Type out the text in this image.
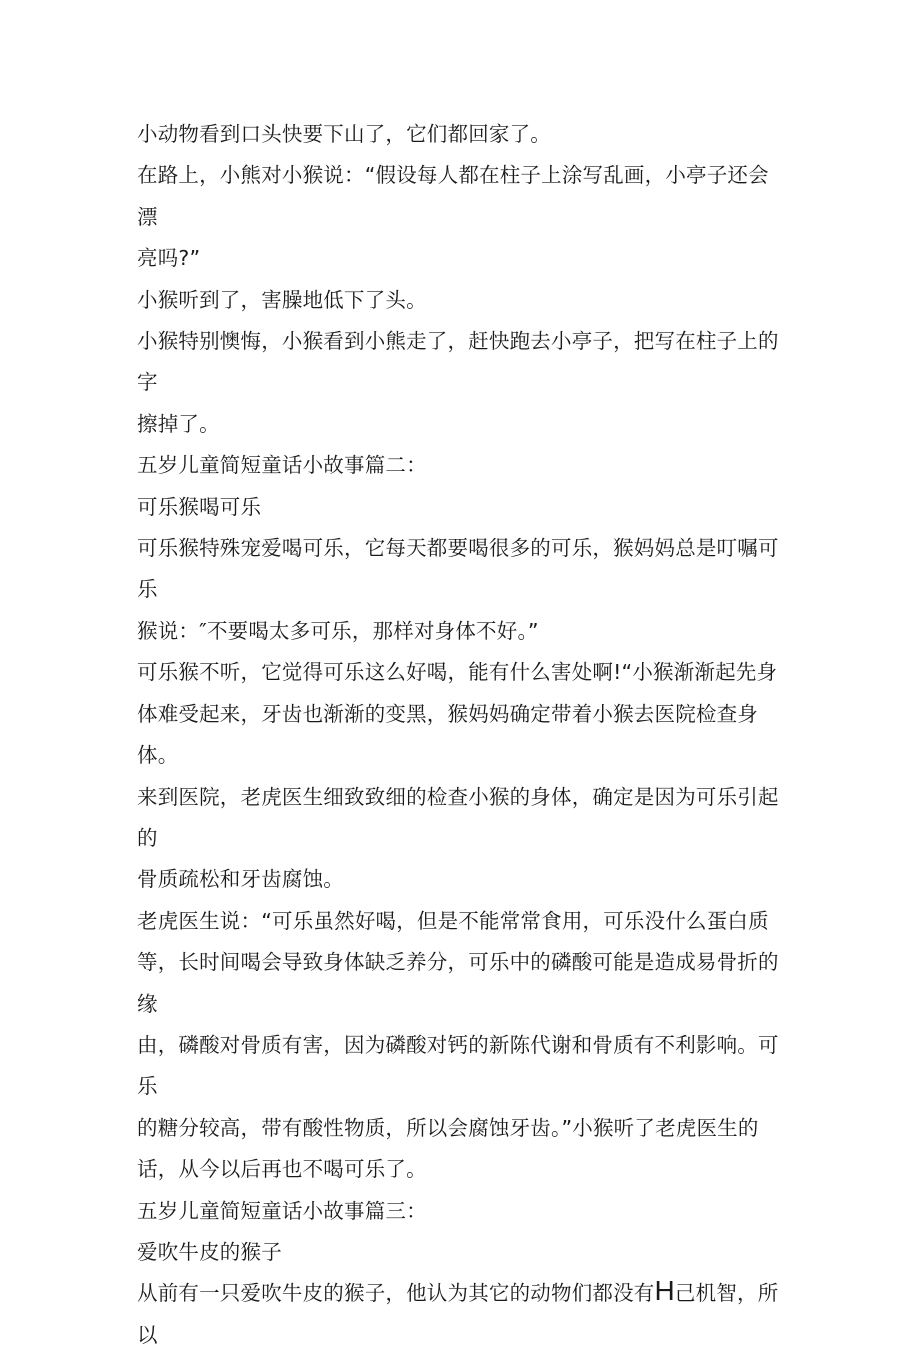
小动物看到口头快要下山了，它们都回家了。

在路上，小熊对小猴说：“假设每人都在柱子上涂写乱画，小亭子还会漂
亮吗?”

小猴听到了，害臊地低下了头。

小猴特别懊悔，小猴看到小熊走了，赶快跑去小亭子，把写在柱子上的字
擦掉了。

五岁儿童简短童话小故事篇二：

可乐猴喝可乐

可乐猴特殊宠爱喝可乐，它每天都要喝很多的可乐，猴妈妈总是叮嘱可乐
猴说：″不要喝太多可乐，那样对身体不好。”

可乐猴不听，它觉得可乐这么好喝，能有什么害处啊!“小猴渐渐起先身
体难受起来，牙齿也渐渐的变黑，猴妈妈确定带着小猴去医院检查身体。
来到医院，老虎医生细致致细的检查小猴的身体，确定是因为可乐引起的
骨质疏松和牙齿腐蚀。

老虎医生说：“可乐虽然好喝，但是不能常常食用，可乐没什么蛋白质
等，长时间喝会导致身体缺乏养分，可乐中的磷酸可能是造成易骨折的缘
由，磷酸对骨质有害，因为磷酸对钙的新陈代谢和骨质有不利影响。可乐
的糖分较高，带有酸性物质，所以会腐蚀牙齿。”小猴听了老虎医生的
话，从今以后再也不喝可乐了。

五岁儿童简短童话小故事篇三：

爱吹牛皮的猴子

从前有一只爱吹牛皮的猴子，他认为其它的动物们都没有H己机智，所以
